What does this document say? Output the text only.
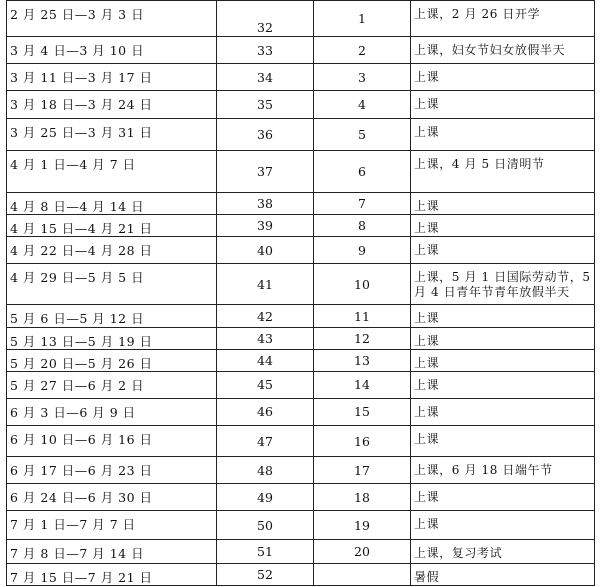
2 月 25 日—3 月 3 日	32	1	上课，2 月 26 日开学
3 月 4 日—3 月 10 日	33	2	上课，妇女节妇女放假半天
3 月 11 日—3 月 17 日	34	3	上课
3 月 18 日—3 月 24 日	35	4	上课
3 月 25 日—3 月 31 日	36	5	上课
4 月 1 日—4 月 7 日	37	6	上课，4 月 5 日清明节
4 月 8 日—4 月 14 日	38	7	上课
4 月 15 日—4 月 21 日	39	8	上课
4 月 22 日—4 月 28 日	40	9	上课
4 月 29 日—5 月 5 日	41	10	上课，5 月 1 日国际劳动节，5 月 4 日青年节青年放假半天
5 月 6 日—5 月 12 日	42	11	上课
5 月 13 日—5 月 19 日	43	12	上课
5 月 20 日—5 月 26 日	44	13	上课
5 月 27 日—6 月 2 日	45	14	上课
6 月 3 日—6 月 9 日	46	15	上课
6 月 10 日—6 月 16 日	47	16	上课
6 月 17 日—6 月 23 日	48	17	上课，6 月 18 日端午节
6 月 24 日—6 月 30 日	49	18	上课
7 月 1 日—7 月 7 日	50	19	上课
7 月 8 日—7 月 14 日	51	20	上课，复习考试
7 月 15 日—7 月 21 日	52		暑假
